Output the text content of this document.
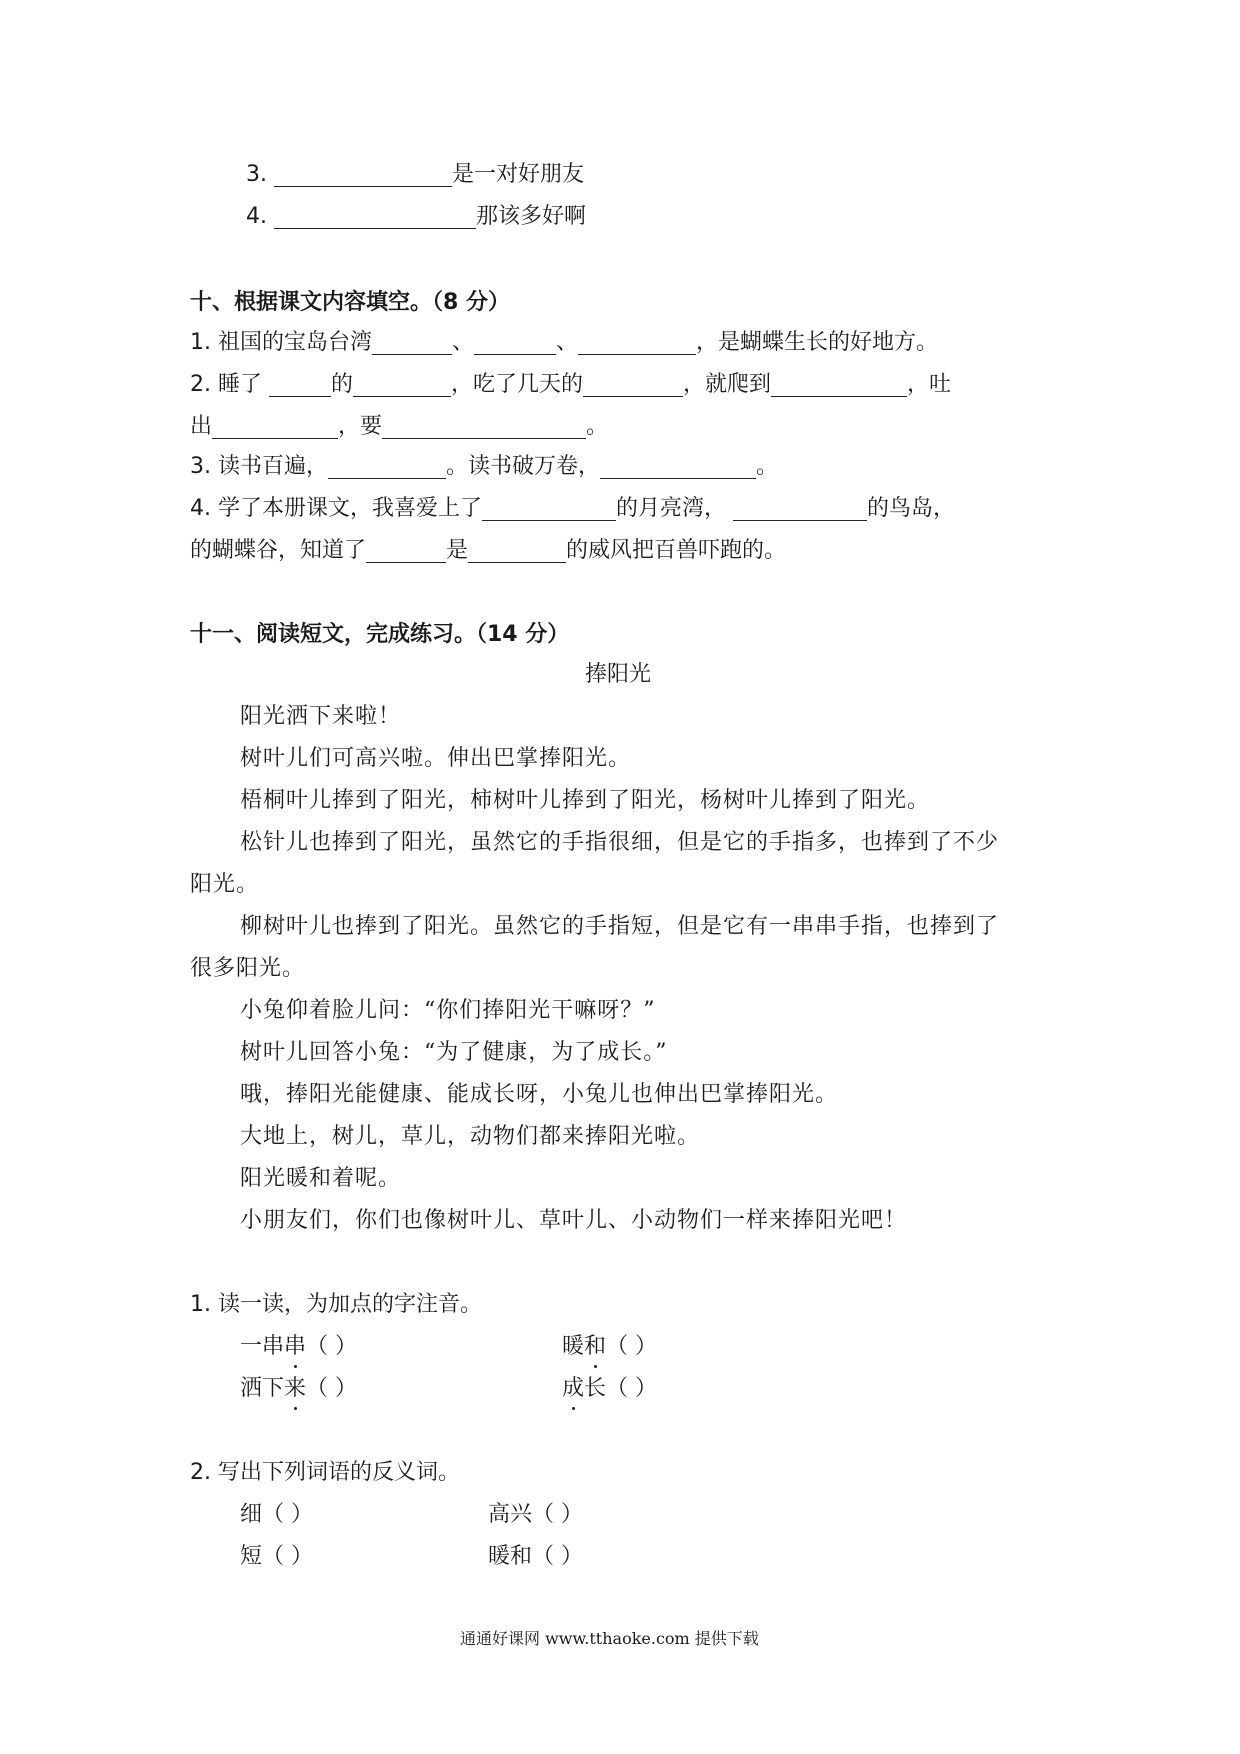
3.	是一对好朋友
4.	那该多好啊
十、根据课文内容填空。（8 分）
1. 祖国的宝岛台湾	、	、	，是蝴蝶生长的好地方。
2. 睡了	的	，吃了几天的	，就爬到	，吐
出	，要	。
3. 读书百遍，	。读书破万卷，	。
4. 学了本册课文，我喜爱上了	的月亮湾，	的鸟岛，
的蝴蝶谷，知道了	是	的威风把百兽吓跑的。
十一、阅读短文，完成练习。（14 分）
捧阳光
阳光洒下来啦！
树叶儿们可高兴啦。伸出巴掌捧阳光。
梧桐叶儿捧到了阳光，柿树叶儿捧到了阳光，杨树叶儿捧到了阳光。
松针儿也捧到了阳光，虽然它的手指很细，但是它的手指多，也捧到了不少
阳光。
柳树叶儿也捧到了阳光。虽然它的手指短，但是它有一串串手指，也捧到了
很多阳光。
小兔仰着脸儿问：“你们捧阳光干嘛呀？”
树叶儿回答小兔：“为了健康，为了成长。”
哦，捧阳光能健康、能成长呀，小兔儿也伸出巴掌捧阳光。
大地上，树儿，草儿，动物们都来捧阳光啦。
阳光暖和着呢。
小朋友们，你们也像树叶儿、草叶儿、小动物们一样来捧阳光吧！
1. 读一读，为加点的字注音。
一串串（ ）	暖和（ ）
洒下来（ ）	成长（ ）
2. 写出下列词语的反义词。
细（ ）	高兴（ ）
短（ ）	暖和（ ）
通通好课网 www.tthaoke.com 提供下载
